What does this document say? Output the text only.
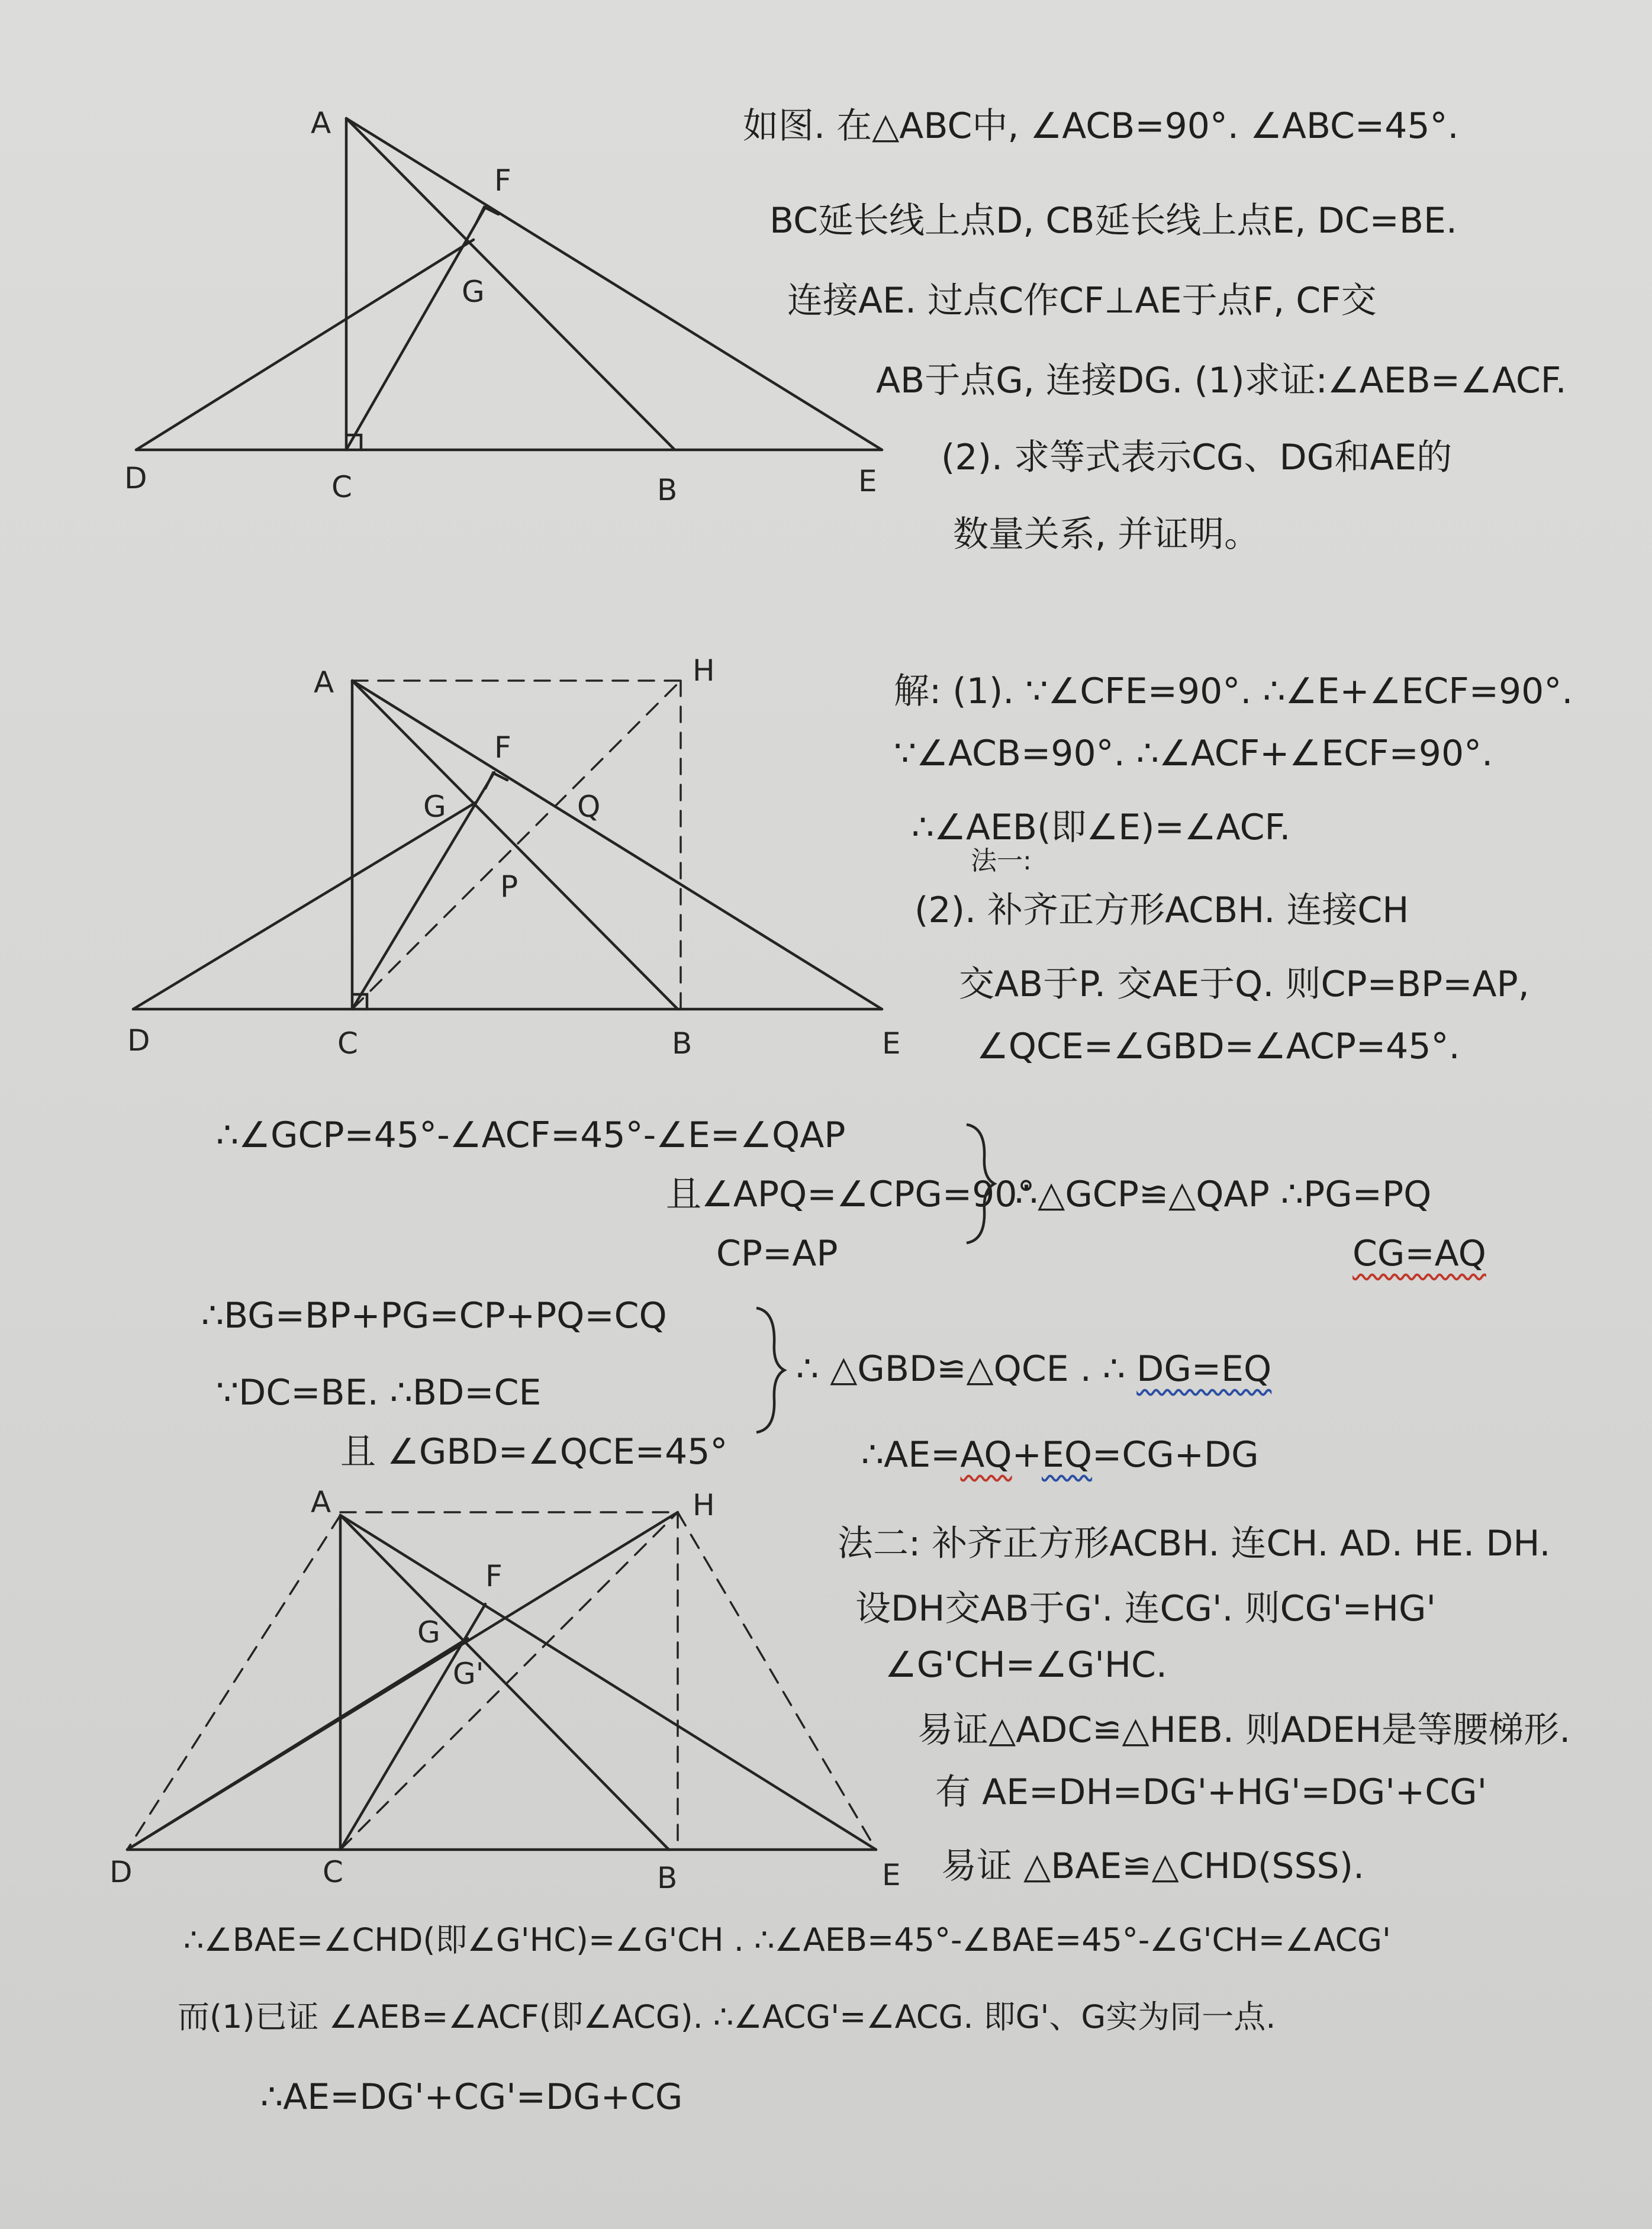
A
F
G
D	C	B	E

如图. 在△ABC中, ∠ACB=90°. ∠ABC=45°.

BC延长线上点D, CB延长线上点E, DC=BE.

连接AE. 过点C作CF⊥AE于点F, CF交

AB于点G, 连接DG. (1)求证:∠AEB=∠ACF.

(2). 求等式表示CG、DG和AE的

数量关系, 并证明。

A	H
F
G	Q
P
D	C	B	E

解: (1). ∵∠CFE=90°. ∴∠E+∠ECF=90°.

∵∠ACB=90°. ∴∠ACF+∠ECF=90°.

∴∠AEB(即∠E)=∠ACF.

法一:

(2). 补齐正方形ACBH. 连接CH

交AB于P. 交AE于Q. 则CP=BP=AP,

∠QCE=∠GBD=∠ACP=45°.

∴∠GCP=45°-∠ACF=45°-∠E=∠QAP

且∠APQ=∠CPG=90°

CP=AP

∴△GCP≌△QAP ∴PG=PQ

CG=AQ

∴BG=BP+PG=CP+PQ=CQ

∵DC=BE. ∴BD=CE

且 ∠GBD=∠QCE=45°

∴ △GBD≌△QCE . ∴ DG=EQ

∴AE=AQ+EQ=CG+DG

A	H
F
G
G'
D	C	B	E

法二: 补齐正方形ACBH. 连CH. AD. HE. DH.

设DH交AB于G'. 连CG'. 则CG'=HG'

∠G'CH=∠G'HC.

易证△ADC≌△HEB. 则ADEH是等腰梯形.

有 AE=DH=DG'+HG'=DG'+CG'

易证 △BAE≌△CHD(SSS).

∴∠BAE=∠CHD(即∠G'HC)=∠G'CH . ∴∠AEB=45°-∠BAE=45°-∠G'CH=∠ACG'

而(1)已证 ∠AEB=∠ACF(即∠ACG). ∴∠ACG'=∠ACG. 即G'、G实为同一点.

∴AE=DG'+CG'=DG+CG
